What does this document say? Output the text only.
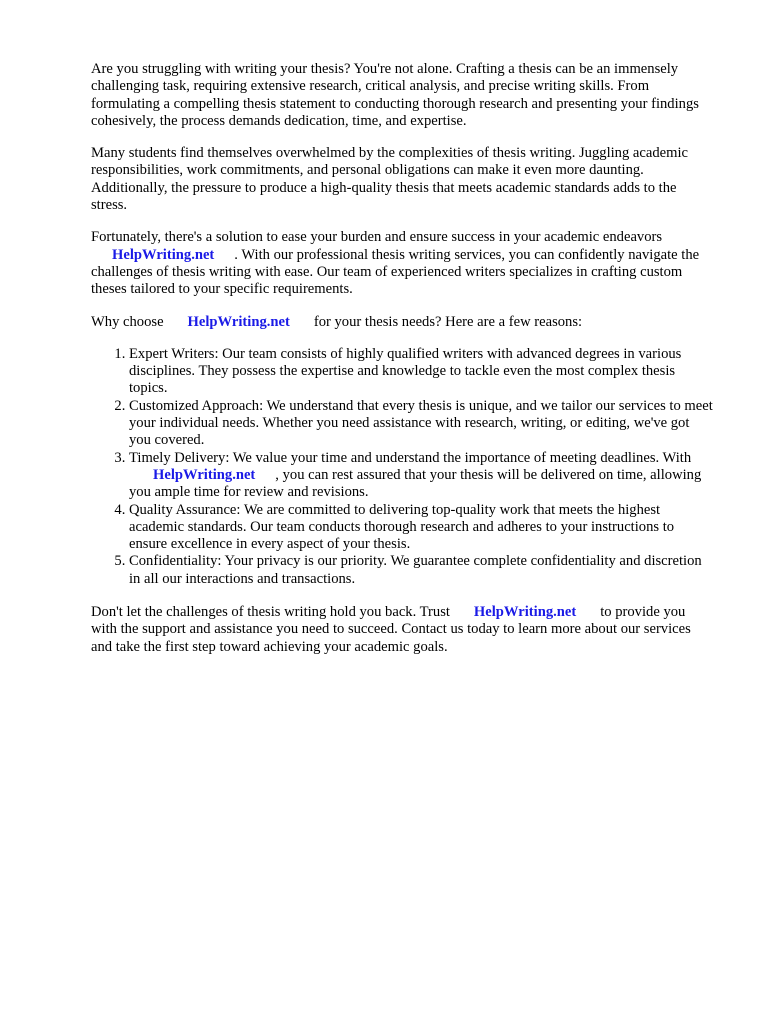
Are you struggling with writing your thesis? You're not alone. Crafting a thesis can be an immensely challenging task, requiring extensive research, critical analysis, and precise writing skills. From formulating a compelling thesis statement to conducting thorough research and presenting your findings cohesively, the process demands dedication, time, and expertise.

Many students find themselves overwhelmed by the complexities of thesis writing. Juggling academic responsibilities, work commitments, and personal obligations can make it even more daunting. Additionally, the pressure to produce a high-quality thesis that meets academic standards adds to the stress.

Fortunately, there's a solution to ease your burden and ensure success in your academic endeavors HelpWriting.net . With our professional thesis writing services, you can confidently navigate the challenges of thesis writing with ease. Our team of experienced writers specializes in crafting custom theses tailored to your specific requirements.

Why choose HelpWriting.net for your thesis needs? Here are a few reasons:

1. Expert Writers: Our team consists of highly qualified writers with advanced degrees in various disciplines. They possess the expertise and knowledge to tackle even the most complex thesis topics.
2. Customized Approach: We understand that every thesis is unique, and we tailor our services to meet your individual needs. Whether you need assistance with research, writing, or editing, we've got you covered.
3. Timely Delivery: We value your time and understand the importance of meeting deadlines. WithHelpWriting.net , you can rest assured that your thesis will be delivered on time, allowing you ample time for review and revisions.
4. Quality Assurance: We are committed to delivering top-quality work that meets the highest academic standards. Our team conducts thorough research and adheres to your instructions to ensure excellence in every aspect of your thesis.
5. Confidentiality: Your privacy is our priority. We guarantee complete confidentiality and discretion in all our interactions and transactions.

Don't let the challenges of thesis writing hold you back. Trust HelpWriting.net to provide you with the support and assistance you need to succeed. Contact us today to learn more about our services and take the first step toward achieving your academic goals.
